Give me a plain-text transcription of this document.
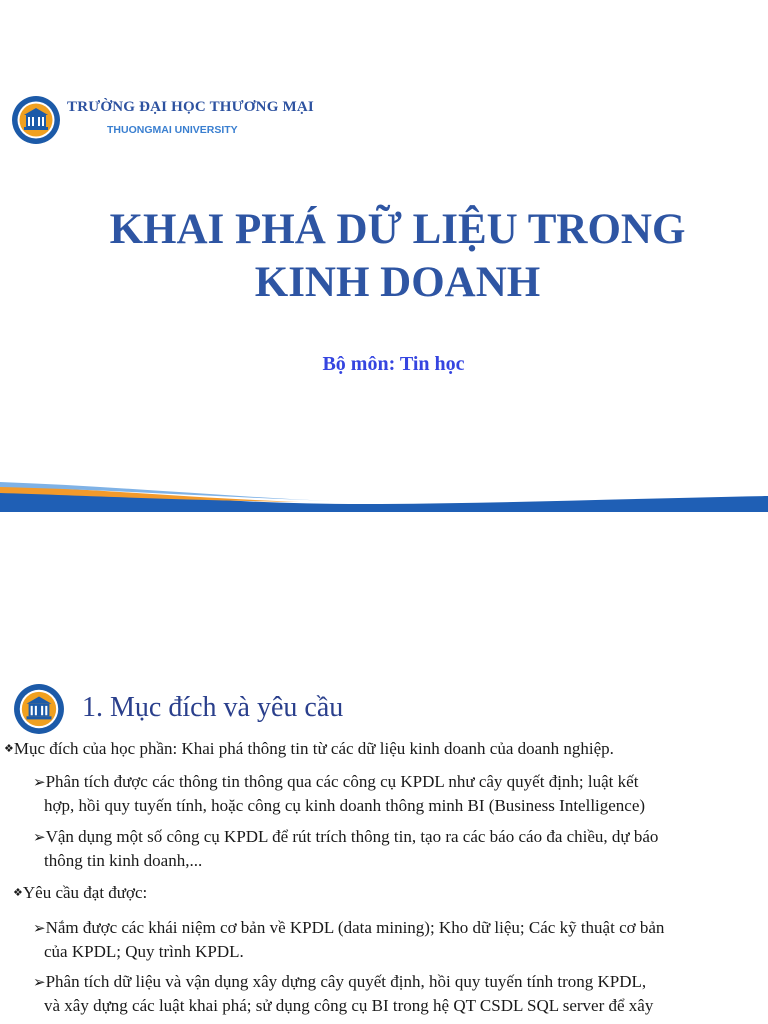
TRƯỜNG ĐẠI HỌC THƯƠNG MẠI
THUONGMAI UNIVERSITY
KHAI PHÁ DỮ LIỆU TRONG
KINH DOANH
Bộ môn: Tin học
1. Mục đích và yêu cầu
❖Mục đích của học phần: Khai phá thông tin từ các dữ liệu kinh doanh của doanh nghiệp.
➢Phân tích được các thông tin thông qua các công cụ KPDL như cây quyết định; luật kết
hợp, hồi quy tuyến tính, hoặc công cụ kinh doanh thông minh BI (Business Intelligence)
➢Vận dụng một số công cụ KPDL để rút trích thông tin, tạo ra các báo cáo đa chiều, dự báo
thông tin kinh doanh,...
❖Yêu cầu đạt được:
➢Nắm được các khái niệm cơ bản về KPDL (data mining); Kho dữ liệu; Các kỹ thuật cơ bản
của KPDL; Quy trình KPDL.
➢Phân tích dữ liệu và vận dụng xây dựng cây quyết định, hồi quy tuyến tính trong KPDL,
và xây dựng các luật khai phá; sử dụng công cụ BI trong hệ QT CSDL SQL server để xây
